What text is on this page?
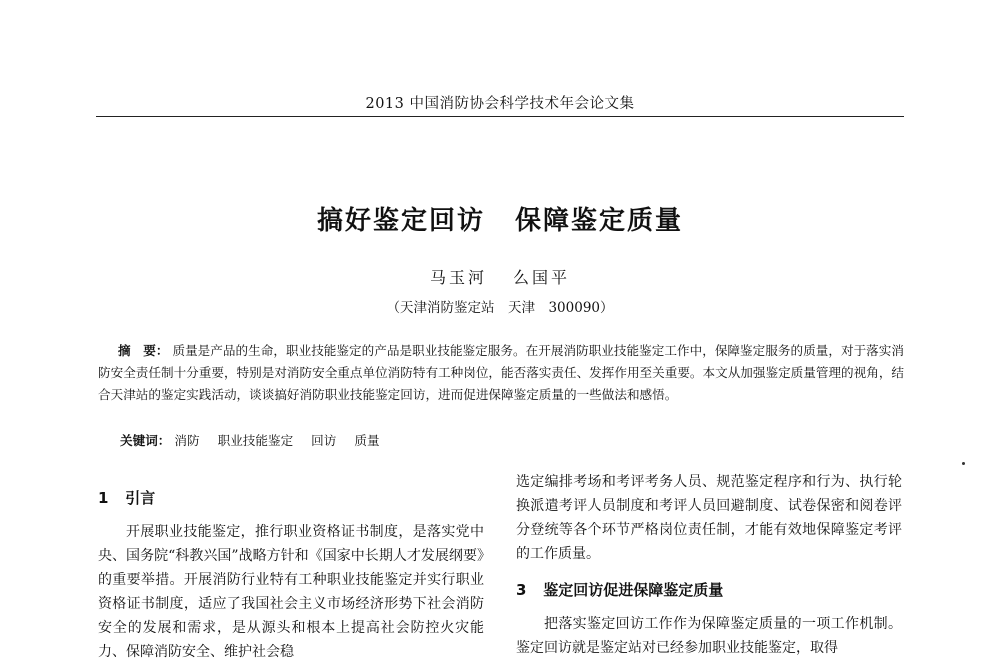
2013 中国消防协会科学技术年会论文集
搞好鉴定回访 保障鉴定质量
马玉河 么国平
（天津消防鉴定站　天津　300090）
摘　要： 质量是产品的生命，职业技能鉴定的产品是职业技能鉴定服务。在开展消防职业技能鉴定工作中，保障鉴定服务的质量，对于落实消防安全责任制十分重要，特别是对消防安全重点单位消防特有工种岗位，能否落实责任、发挥作用至关重要。本文从加强鉴定质量管理的视角，结合天津站的鉴定实践活动，谈谈搞好消防职业技能鉴定回访，进而促进保障鉴定质量的一些做法和感悟。
关键词： 消防 职业技能鉴定 回访 质量
1 引言

开展职业技能鉴定，推行职业资格证书制度，是落实党中央、国务院“科教兴国”战略方针和《国家中长期人才发展纲要》的重要举措。开展消防行业特有工种职业技能鉴定并实行职业资格证书制度，适应了我国社会主义市场经济形势下社会消防安全的发展和需求，是从源头和根本上提高社会防控火灾能力、保障消防安全、维护社会稳

选定编排考场和考评考务人员、规范鉴定程序和行为、执行轮换派遣考评人员制度和考评人员回避制度、试卷保密和阅卷评分登统等各个环节严格岗位责任制，才能有效地保障鉴定考评的工作质量。

3 鉴定回访促进保障鉴定质量

把落实鉴定回访工作作为保障鉴定质量的一项工作机制。鉴定回访就是鉴定站对已经参加职业技能鉴定，取得
